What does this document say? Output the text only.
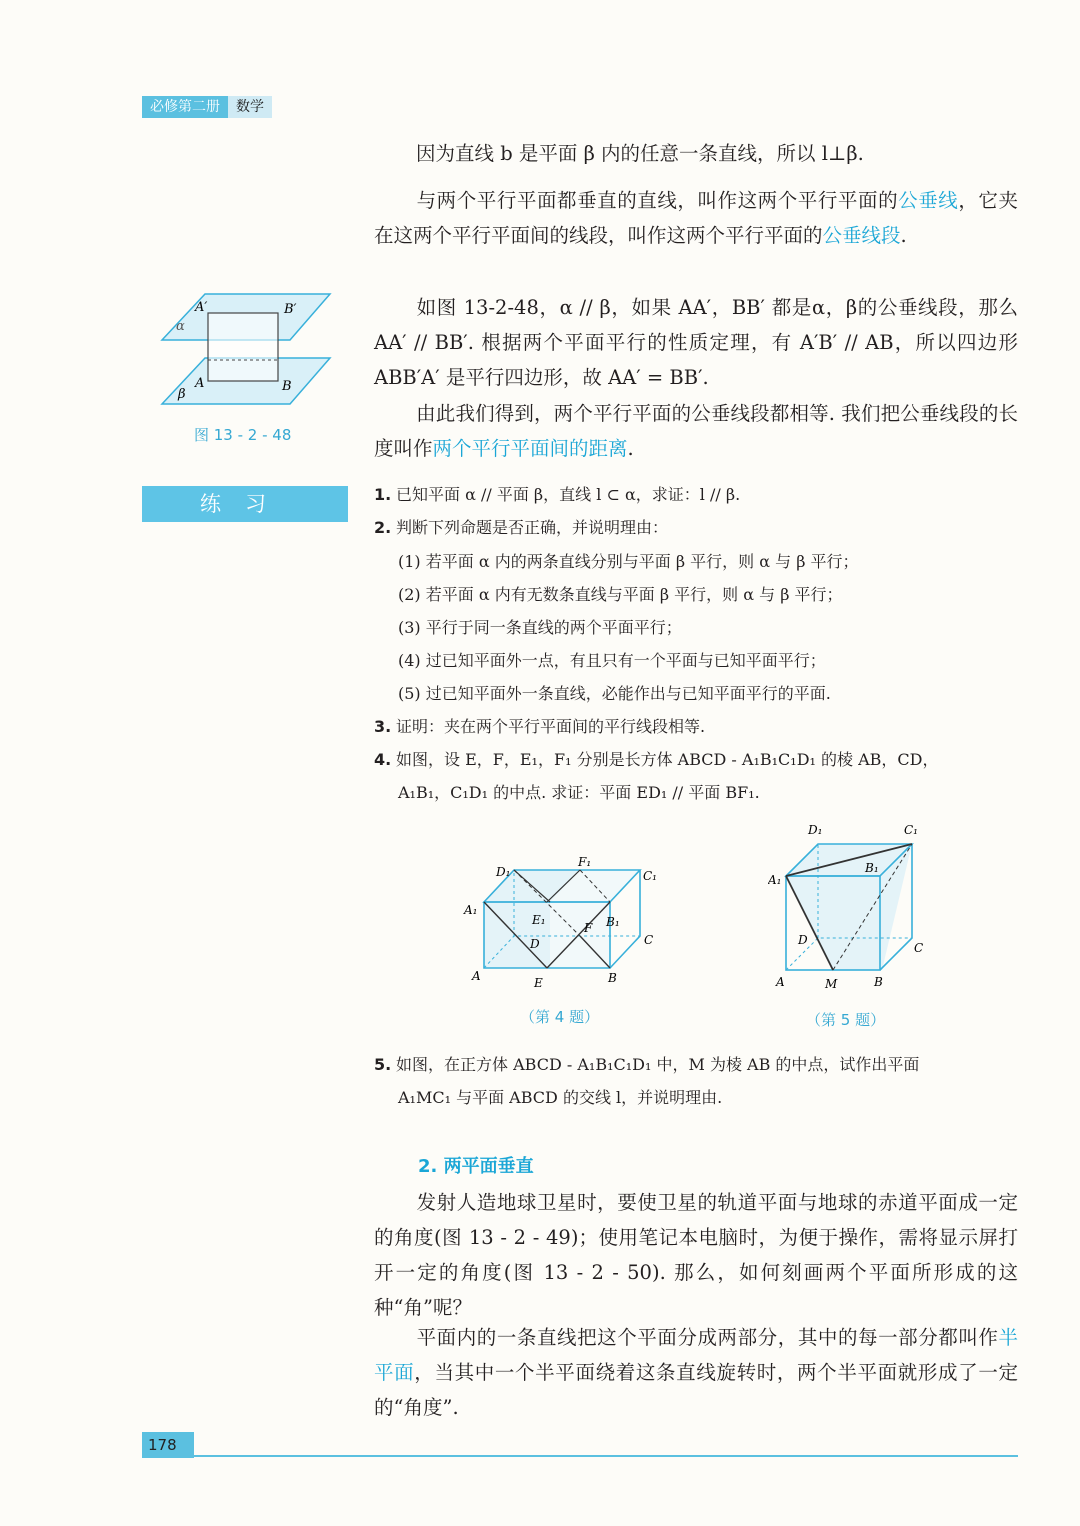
必修第二册	数学

因为直线 b 是平面 β 内的任意一条直线，所以 l⊥β.

与两个平行平面都垂直的直线，叫作这两个平行平面的公垂线，它夹在这两个平行平面间的线段，叫作这两个平行平面的公垂线段.

如图 13-2-48，α // β，如果 AA′，BB′ 都是α，β的公垂线段，那么 AA′ // BB′. 根据两个平面平行的性质定理，有 A′B′ // AB，所以四边形 ABB′A′ 是平行四边形，故 AA′ = BB′.

由此我们得到，两个平行平面的公垂线段都相等. 我们把公垂线段的长度叫作两个平行平面间的距离.

A′	B′
α
β
A	B
图 13 - 2 - 48
练习	1. 已知平面 α // 平面 β，直线 l ⊂ α，求证：l // β.

2. 判断下列命题是否正确，并说明理由：

(1) 若平面 α 内的两条直线分别与平面 β 平行，则 α 与 β 平行；

(2) 若平面 α 内有无数条直线与平面 β 平行，则 α 与 β 平行；

(3) 平行于同一条直线的两个平面平行；

(4) 过已知平面外一点，有且只有一个平面与已知平面平行；

(5) 过已知平面外一条直线，必能作出与已知平面平行的平面.

3. 证明：夹在两个平行平面间的平行线段相等.

4. 如图，设 E，F，E₁，F₁ 分别是长方体 ABCD - A₁B₁C₁D₁ 的棱 AB，CD，

A₁B₁，C₁D₁ 的中点. 求证：平面 ED₁ // 平面 BF₁.

D₁
F₁
C₁
A₁
E₁
F B₁
D	C
A	E	B
（第 4 题）
D₁	C₁
B₁
A₁
D
C
A	M	B
（第 5 题）

5. 如图，在正方体 ABCD - A₁B₁C₁D₁ 中，M 为棱 AB 的中点，试作出平面

A₁MC₁ 与平面 ABCD 的交线 l，并说明理由.

2. 两平面垂直

发射人造地球卫星时，要使卫星的轨道平面与地球的赤道平面成一定的角度(图 13 - 2 - 49)；使用笔记本电脑时，为便于操作，需将显示屏打开一定的角度(图 13 - 2 - 50). 那么，如何刻画两个平面所形成的这种“角”呢？

平面内的一条直线把这个平面分成两部分，其中的每一部分都叫作半平面，当其中一个半平面绕着这条直线旋转时，两个半平面就形成了一定的“角度”.

178
